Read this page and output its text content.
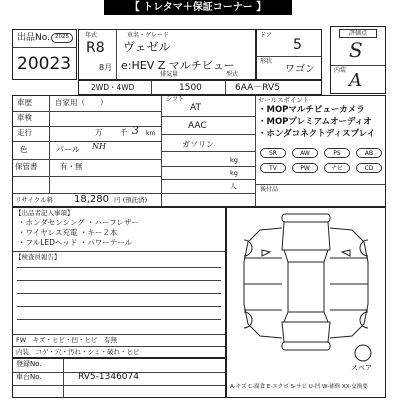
【 トレタマ＋保証コーナー 】
出品No. 2025
20023
年式
R8
8月
車名・グレード
ヴェゼル
e:HEV Z マルチビュー
ドア
5
形状
ワゴン
評価点
S
内装 A
排気量	型式
2WD・4WD	1500	6AA－RV5
車歴	自家用（　　）
車検
走行	万 千 3 km
色	パール NH
保管書	有・無
リサイクル料 18,280 円 (預託済)
シフト
AT
AAC
ガソリン
kg
kg
人
セールスポイント
・MOPマルチビューカメラ
・MOPプレミアムオーディオ
・ホンダコネクトディスプレイ
SR	AW	PS	AB
TV	PW	ナビ	CD
後付品
【出品者記入事項】
・ホンダセンシング ・ハーフレザー
・ワイヤレス充電 ・キー２本
・フルLEDヘッド ・パワーテール
【検査員報告】
FW　キズ・ヒビ・凹・ヒビ　有無
内装　コゲ・穴・汚れ・シミ・破れ・ヒビ
登録No.
車台No.	RV5-1346074
スペア
A-キズ C-腐食 E-エクボ S-サビ U-凹 W-補修 XX-交換要
